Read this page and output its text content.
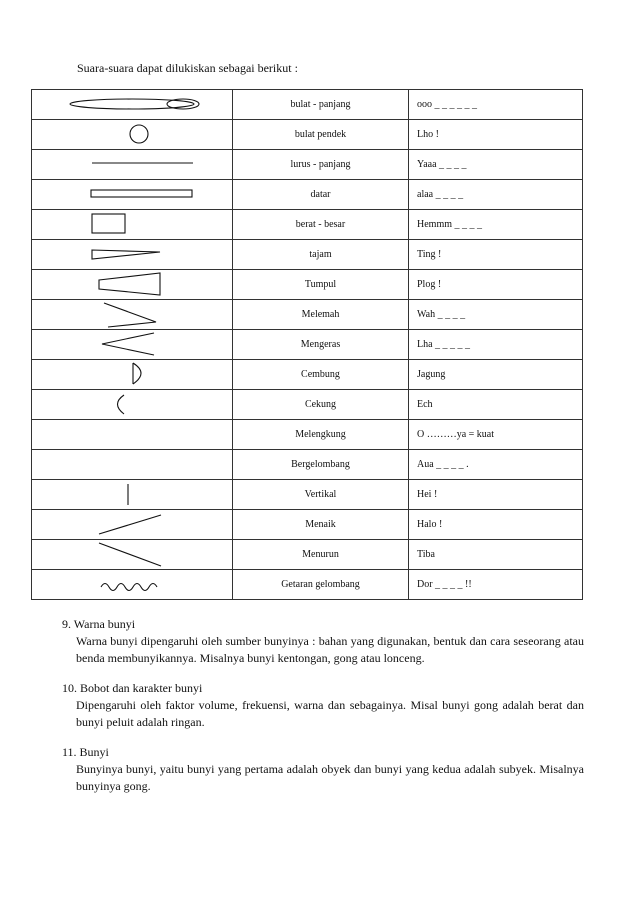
Suara-suara dapat dilukiskan sebagai berikut :
	bulat - panjang	ooo _ _ _ _ _ _

	bulat pendek	Lho !

	lurus - panjang	Yaaa _ _ _ _

	datar	alaa _ _ _ _

	berat - besar	Hemmm _ _ _ _

	tajam	Ting !

	Tumpul	Plog !

	Melemah	Wah _ _ _ _

	Mengeras	Lha _ _ _ _ _

	Cembung	Jagung

	Cekung	Ech
	Melengkung	O ………ya = kuat
	Bergelombang	Aua _ _ _ _ .

	Vertikal	Hei !

	Menaik	Halo !

	Menurun	Tiba

	Getaran gelombang	Dor _ _ _ _ !!
9. Warna bunyi
Warna bunyi dipengaruhi oleh sumber bunyinya : bahan yang digunakan, bentuk dan cara seseorang atau benda membunyikannya. Misalnya bunyi kentongan, gong atau lonceng.
10. Bobot dan karakter bunyi
Dipengaruhi oleh faktor volume, frekuensi, warna dan sebagainya. Misal bunyi gong adalah berat dan bunyi peluit adalah ringan.
11. Bunyi
Bunyinya bunyi, yaitu bunyi yang pertama adalah obyek dan bunyi yang kedua adalah subyek. Misalnya bunyinya gong.
